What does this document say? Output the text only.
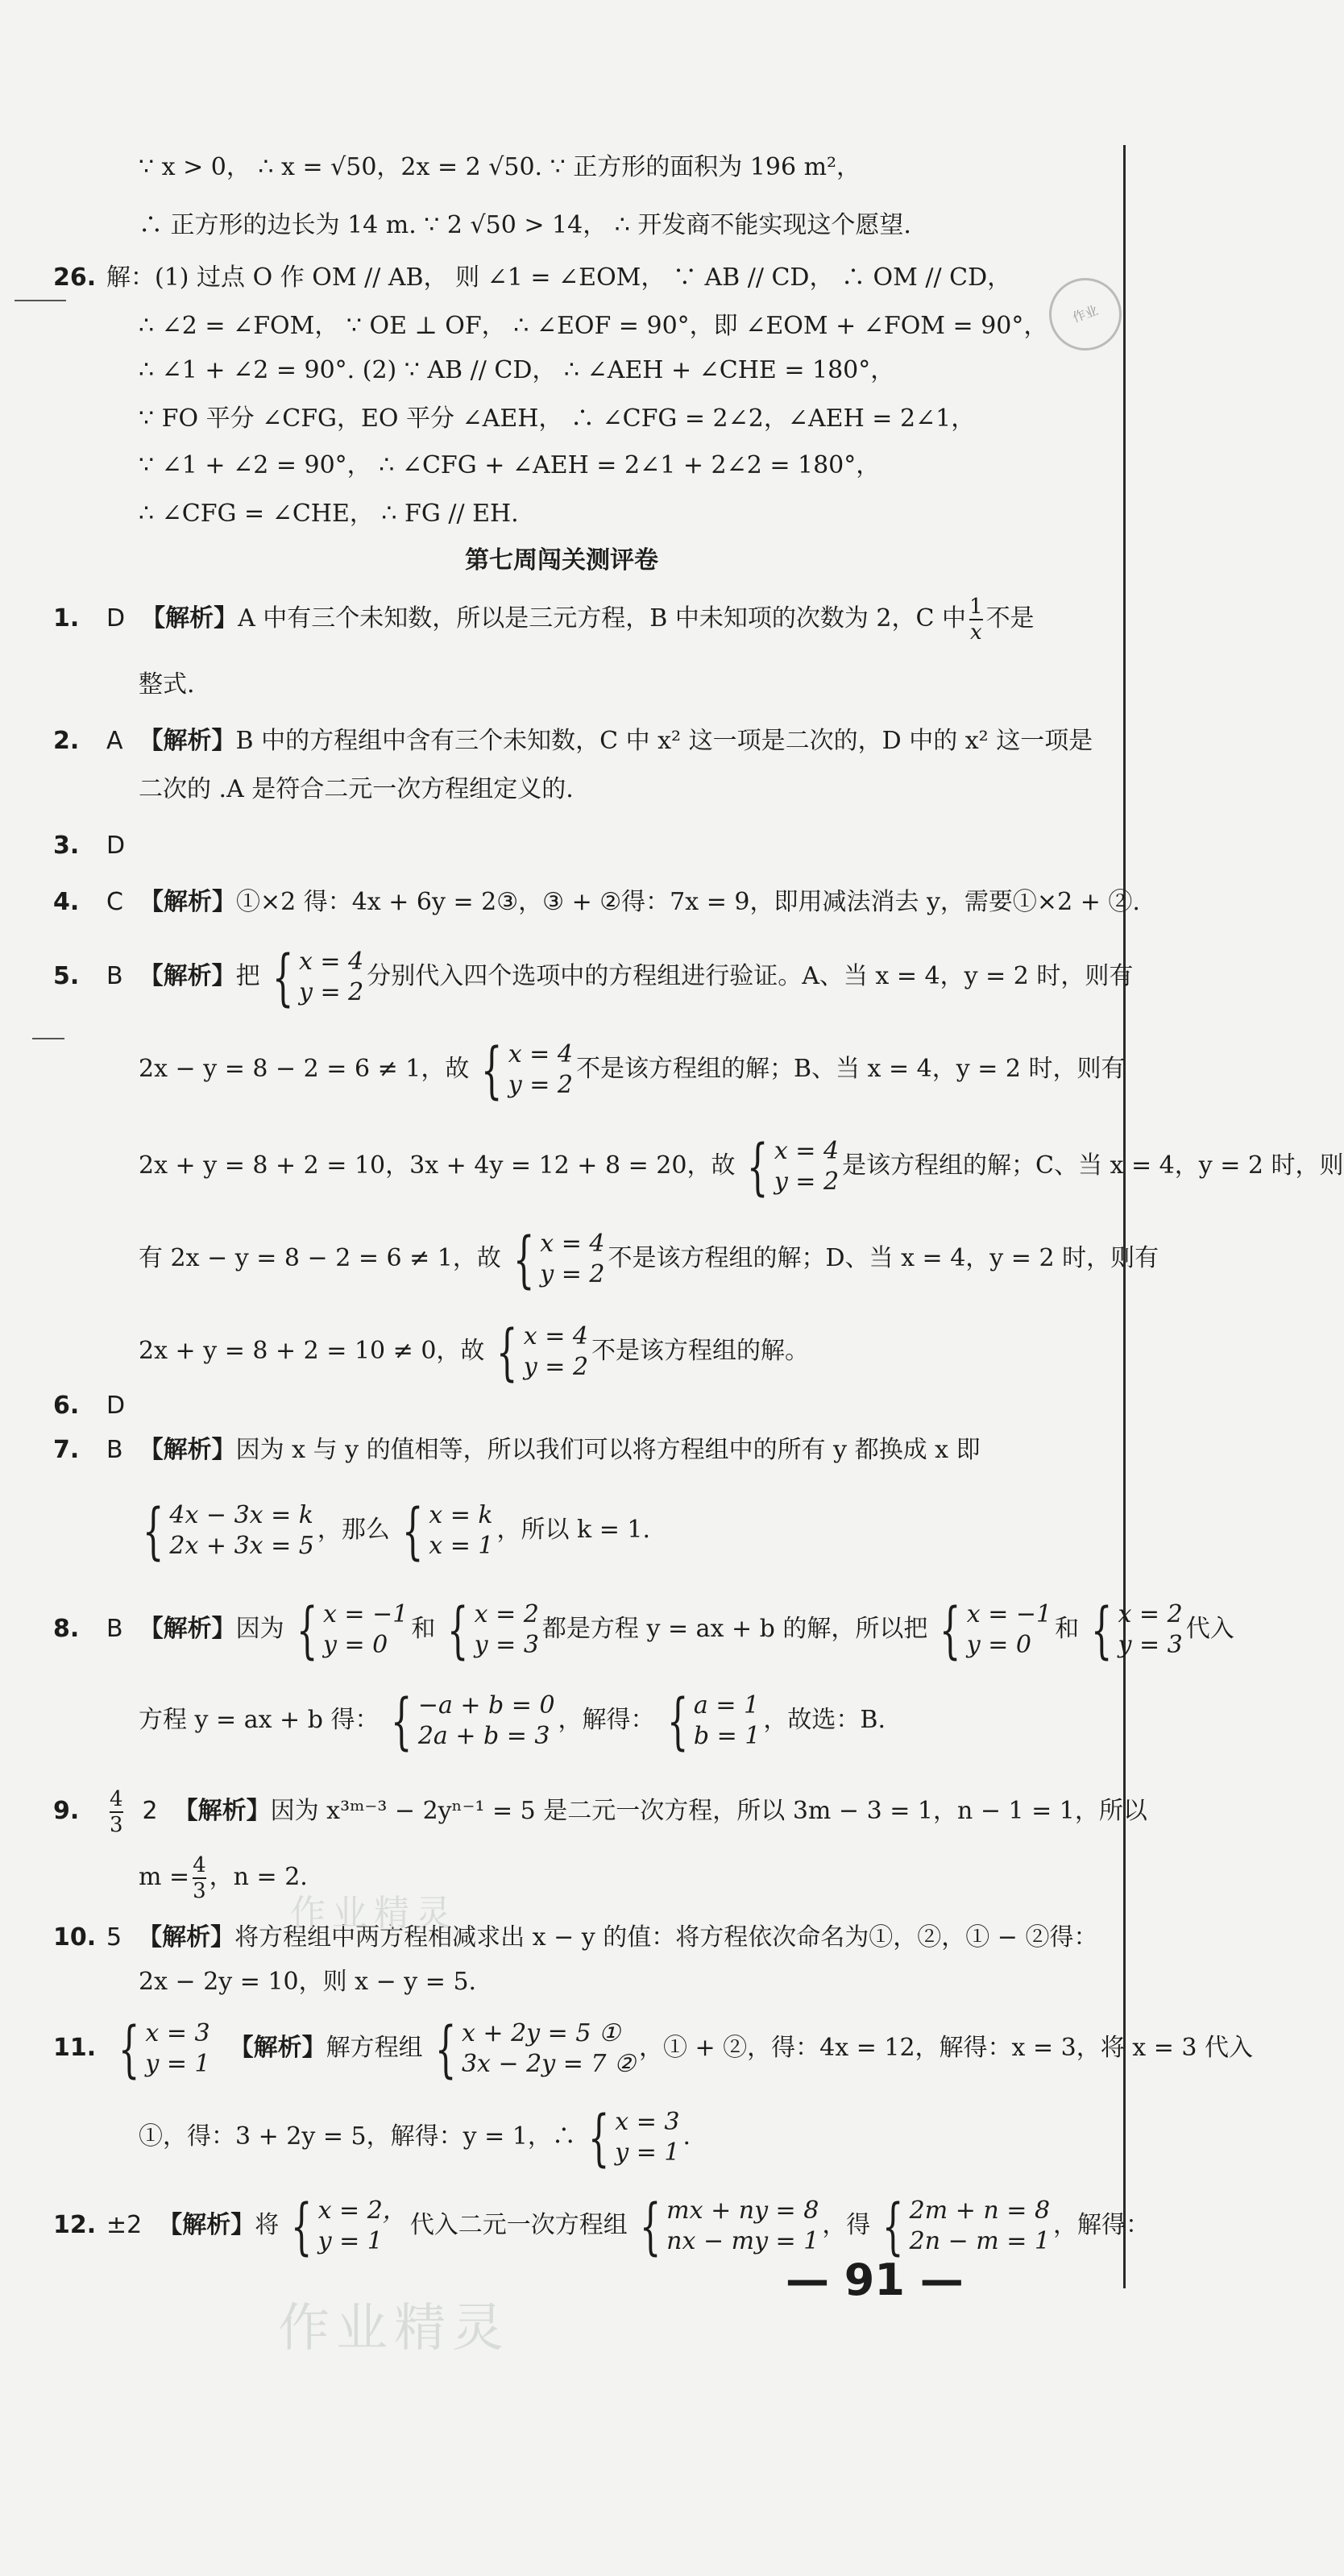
作业
∵ x > 0， ∴ x = √50，2x = 2 √50. ∵ 正方形的面积为 196 m²，
∴ 正方形的边长为 14 m. ∵ 2 √50 > 14， ∴ 开发商不能实现这个愿望.
26. 解：(1) 过点 O 作 OM // AB， 则 ∠1 = ∠EOM， ∵ AB // CD， ∴ OM // CD，
∴ ∠2 = ∠FOM， ∵ OE ⊥ OF， ∴ ∠EOF = 90°，即 ∠EOM + ∠FOM = 90°，
∴ ∠1 + ∠2 = 90°. (2) ∵ AB // CD， ∴ ∠AEH + ∠CHE = 180°，
∵ FO 平分 ∠CFG，EO 平分 ∠AEH， ∴ ∠CFG = 2∠2，∠AEH = 2∠1，
∵ ∠1 + ∠2 = 90°， ∴ ∠CFG + ∠AEH = 2∠1 + 2∠2 = 180°，
∴ ∠CFG = ∠CHE， ∴ FG // EH.
第七周闯关测评卷
1. D 【解析】A 中有三个未知数，所以是三元方程，B 中未知项的次数为 2，C 中 $\frac{1}{x}$ 不是
整式.
2. A 【解析】B 中的方程组中含有三个未知数，C 中 x² 这一项是二次的，D 中的 x² 这一项是
二次的 .A 是符合二元一次方程组定义的.
3. D
4. C 【解析】①×2 得：4x + 6y = 2③，③ + ②得：7x = 9，即用减法消去 y，需要①×2 + ②.
5. B 【解析】把 { x = 4
y = 2
分别代入四个选项中的方程组进行验证。A、当 x = 4，y = 2 时，则有
2x − y = 8 − 2 = 6 ≠ 1，故 { x = 4
y = 2
不是该方程组的解；B、当 x = 4，y = 2 时，则有
2x + y = 8 + 2 = 10，3x + 4y = 12 + 8 = 20，故 { x = 4
y = 2
是该方程组的解；C、当 x = 4，y = 2 时，则
有 2x − y = 8 − 2 = 6 ≠ 1，故 { x = 4
y = 2
不是该方程组的解；D、当 x = 4，y = 2 时，则有
2x + y = 8 + 2 = 10 ≠ 0，故 { x = 4
y = 2
不是该方程组的解。
6. D
7. B 【解析】因为 x 与 y 的值相等，所以我们可以将方程组中的所有 y 都换成 x 即
{ 4x − 3x = k
2x + 3x = 5
，那么 { x = k
x = 1
，所以 k = 1.
8. B 【解析】因为 { x = −1
y = 0
和 { x = 2
y = 3
都是方程 y = ax + b 的解，所以把 { x = −1
y = 0
和 { x = 2
y = 3
代入
方程 y = ax + b 得： { −a + b = 0
2a + b = 3
，解得： { a = 1
b = 1
，故选：B.
9. $\frac{4}{3} 2$ 【解析】因为 x³ᵐ⁻³ − 2yⁿ⁻¹ = 5 是二元一次方程，所以 3m − 3 = 1，n − 1 = 1，所以
$m = \frac{4}{3}$ ，n = 2.
10. 5 【解析】将方程组中两方程相减求出 x − y 的值：将方程依次命名为①，②，① − ②得：
2x − 2y = 10，则 x − y = 5.
11. { x = 3
y = 1
【解析】解方程组 { x + 2y = 5 ①
3x − 2y = 7 ②
，① + ②，得：4x = 12，解得：x = 3，将 x = 3 代入
①，得：3 + 2y = 5，解得：y = 1，∴ { x = 3
y = 1
.
12. ±2 【解析】将 { x = 2，
y = 1
代入二元一次方程组 { mx + ny = 8
nx − my = 1
，得 { 2m + n = 8
2n − m = 1
，解得：
— 91 —
作业精灵
作业精灵
